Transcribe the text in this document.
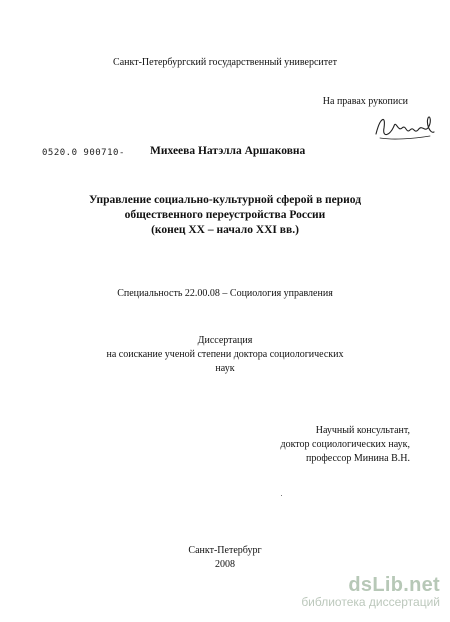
Санкт-Петербургский государственный университет
На правах рукописи
0520.0 900710- Михеева Натэлла Аршаковна
Управление социально-культурной сферой в период
общественного переустройства России
(конец XX – начало XXI вв.)
Специальность 22.00.08 – Социология управления
Диссертация
на соискание ученой степени доктора социологических
наук
Научный консультант,
доктор социологических наук,
профессор Минина В.Н.
Санкт-Петербург
2008
dsLib.net
библиотека диссертаций
